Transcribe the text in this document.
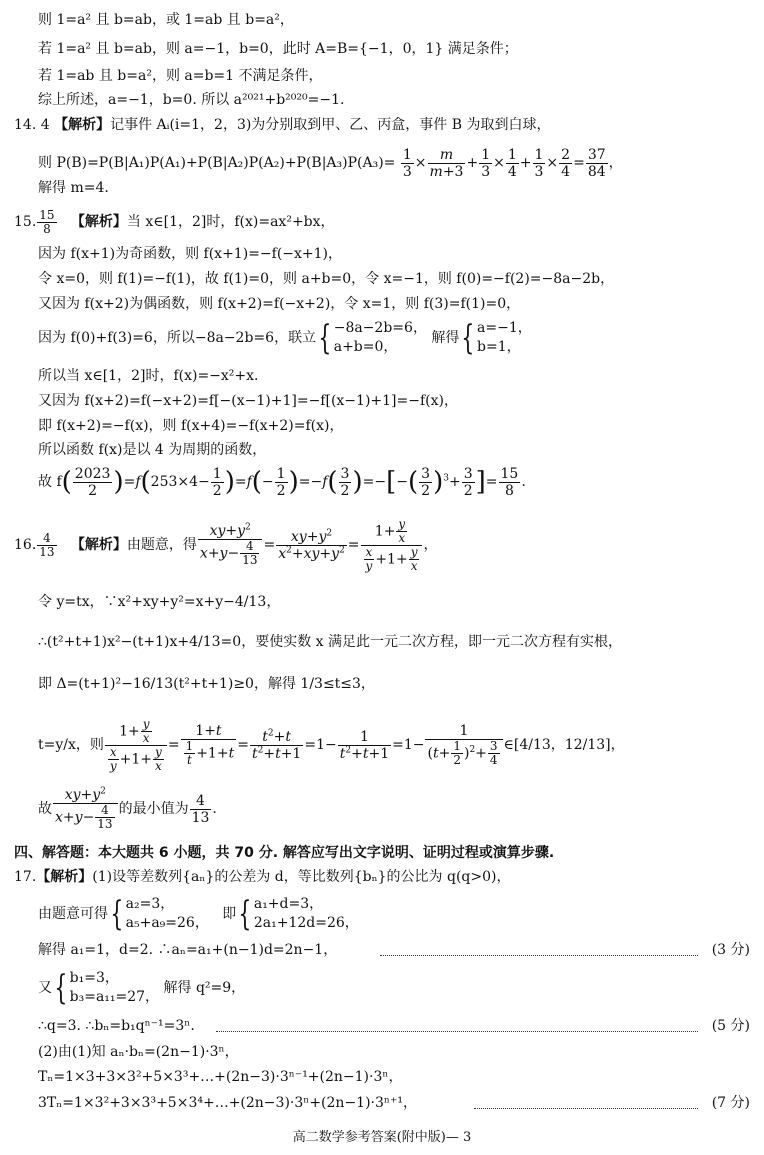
则 1=a² 且 b=ab，或 1=ab 且 b=a²，
若 1=a² 且 b=ab，则 a=−1，b=0，此时 A=B={−1，0，1} 满足条件；
若 1=ab 且 b=a²，则 a=b=1 不满足条件，
综上所述，a=−1，b=0. 所以 a²⁰²¹+b²⁰²⁰=−1.
14. 4 【解析】记事件 Aᵢ(i=1，2，3)为分别取到甲、乙、丙盒，事件 B 为取到白球，
则 $P(B)=P(B|A_1)P(A_1)+P(B|A_2)P(A_2)+P(B|A_3)P(A_3)= \frac{1}{3} \times \frac{m}{m+3} + \frac{1}{3} \times \frac{1}{4} + \frac{1}{3} \times \frac{2}{4} = \frac{37}{84}$ ，
解得 m=4.
15. $\frac{15}{8}$ 【解析】当 x∈[1，2]时，f(x)=ax²+bx，
因为 f(x+1)为奇函数，则 f(x+1)=−f(−x+1)，
令 x=0，则 f(1)=−f(1)，故 f(1)=0，则 a+b=0，令 x=−1，则 f(0)=−f(2)=−8a−2b，
又因为 f(x+2)为偶函数，则 f(x+2)=f(−x+2)，令 x=1，则 f(3)=f(1)=0，
因为 f(0)+f(3)=6，所以−8a−2b=6，联立{ −8a−2b=6，
a+b=0，
解得{ a=−1，
b=1，
所以当 x∈[1，2]时，f(x)=−x²+x.
又因为 f(x+2)=f(−x+2)=f[−(x−1)+1]=−f[(x−1)+1]=−f(x)，
即 f(x+2)=−f(x)，则 f(x+4)=−f(x+2)=f(x)，
所以函数 f(x)是以 4 为周期的函数，
故 $f( \frac{2023}{2} )=f(253\times 4- \frac{1}{2} )=f(- \frac{1}{2} )=-f( \frac{3}{2}$ )=−[−( $\frac{3}{2} )^3+ \frac{3}{2}$ ]= $\frac{15}{8}$ .
16. $\frac{4}{13}$ 【解析】由题意，得 $\frac{xy+y^2}{x+y- \frac{4}{13}} = \frac{xy+y^2}{x^2+xy+y^2} = \frac{1+ \frac{y}{x}}{\frac{x}{y} +1+ \frac{y}{x}}$ ，
令 y=tx，∵x²+xy+y²=x+y−4/13，
∴(t²+t+1)x²−(t+1)x+4/13=0，要使实数 x 满足此一元二次方程，即一元二次方程有实根，
即 Δ=(t+1)²−16/13(t²+t+1)≥0，解得 1/3≤t≤3，
t=y/x，则 $\frac{1+ \frac{y}{x}}{\frac{x}{y} +1+ \frac{y}{x}} = \frac{1+t}{\frac{1}{t} +1+t} = \frac{t^2+t}{t^2+t+1} =1- \frac{1}{t^2+t+1} =1- \frac{1}{(t+ \frac{1}{2} )^2+ \frac{3}{4}}$ ∈[4/13，12/13]，
故 $\frac{xy+y^2}{x+y- \frac{4}{13}}$ 的最小值为 $\frac{4}{13}$ .
四、解答题：本大题共 6 小题，共 70 分. 解答应写出文字说明、证明过程或演算步骤.
17.【解析】(1)设等差数列{aₙ}的公差为 d，等比数列{bₙ}的公比为 q(q>0)，
由题意可得{ a₂=3，
a₅+a₉=26，
即{ a₁+d=3，
2a₁+12d=26，
解得 a₁=1，d=2. ∴aₙ=a₁+(n−1)d=2n−1，	(3 分)
又{ b₁=3，
b₃=a₁₁=27，
解得 q²=9，
∴q=3. ∴bₙ=b₁qⁿ⁻¹=3ⁿ.	(5 分)
(2)由(1)知 aₙ·bₙ=(2n−1)·3ⁿ，
Tₙ=1×3+3×3²+5×3³+…+(2n−3)·3ⁿ⁻¹+(2n−1)·3ⁿ，
3Tₙ=1×3²+3×3³+5×3⁴+…+(2n−3)·3ⁿ+(2n−1)·3ⁿ⁺¹，	(7 分)
高二数学参考答案(附中版)— 3
